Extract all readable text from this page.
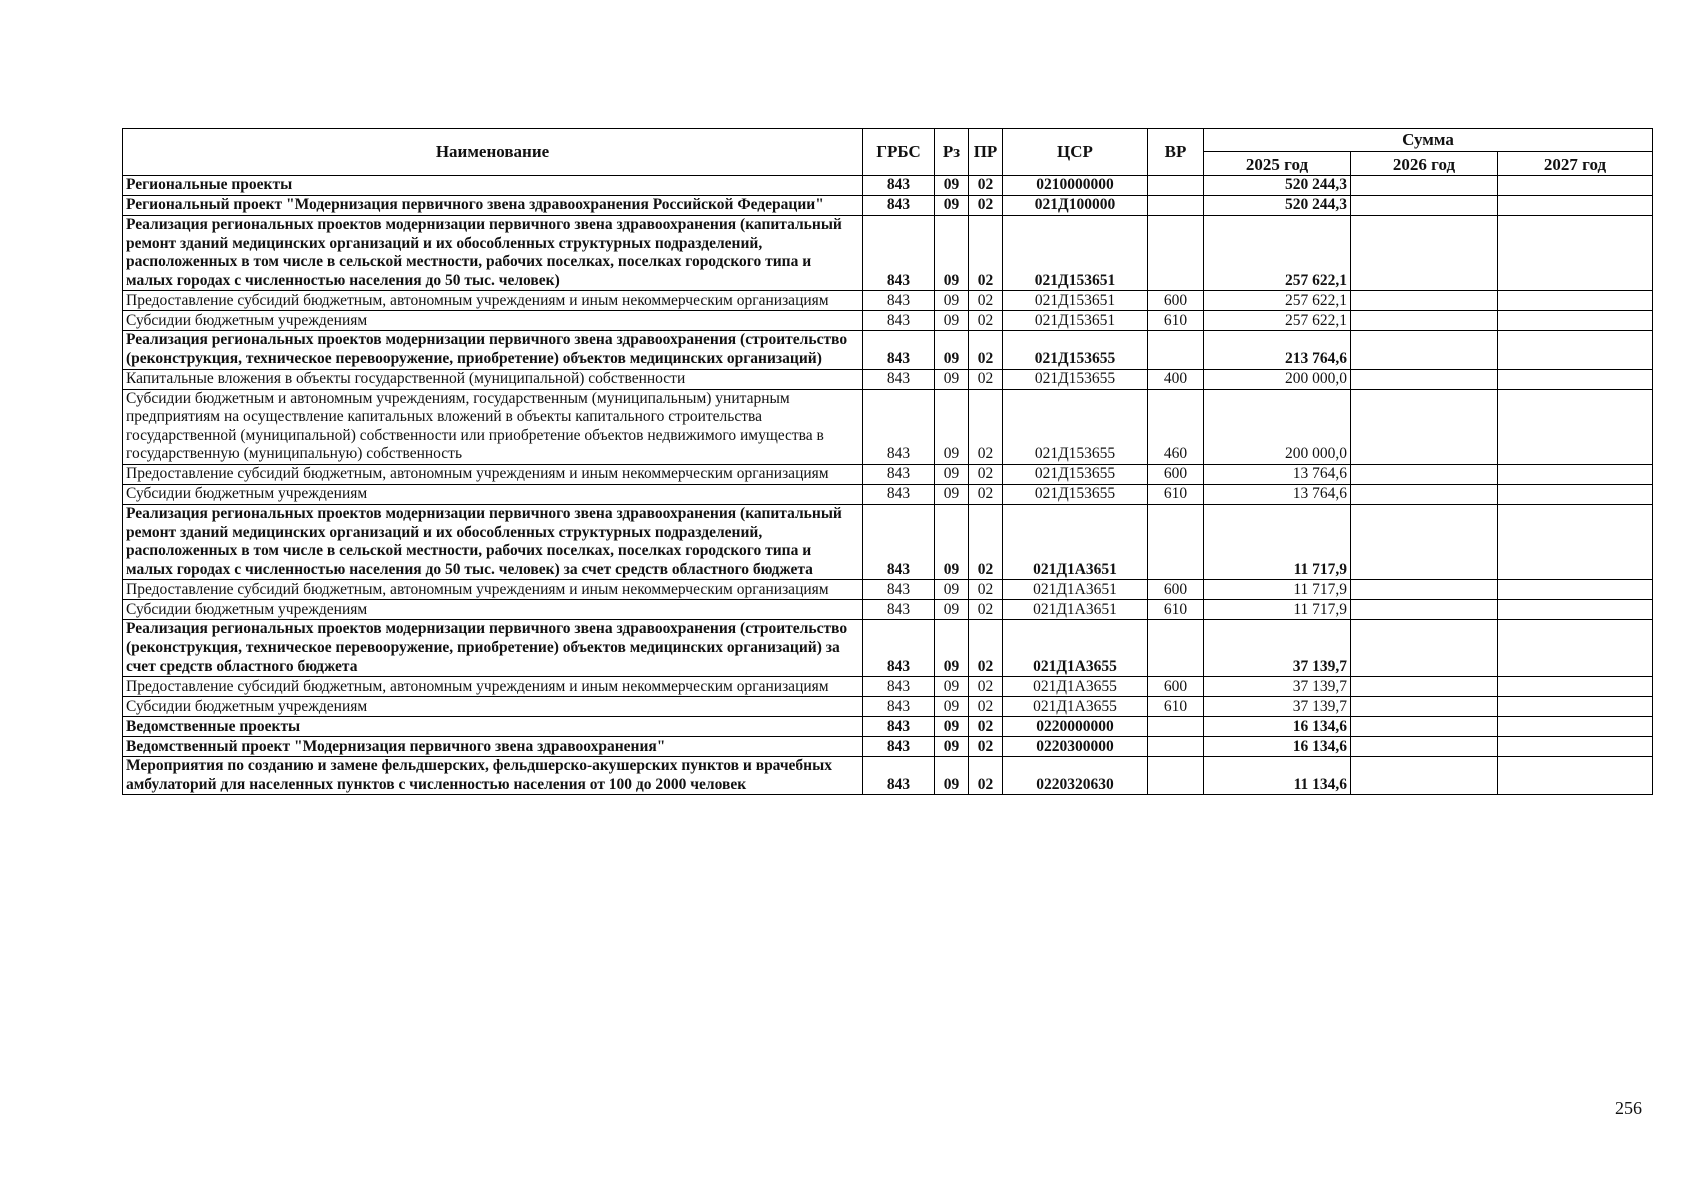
Наименование	ГРБС	Рз	ПР	ЦСР	ВР	Сумма		
						2025 год	2026 год	2027 год
Региональные проекты	843	09	02	0210000000		520 244,3		
Региональный проект "Модернизация первичного звена здравоохранения Российской Федерации"	843	09	02	021Д100000		520 244,3		
Реализация региональных проектов модернизации первичного звена здравоохранения (капитальный ремонт зданий медицинских организаций и их обособленных структурных подразделений, расположенных в том числе в сельской местности, рабочих поселках, поселках городского типа и малых городах с численностью населения до 50 тыс. человек)	843	09	02	021Д153651		257 622,1		
Предоставление субсидий бюджетным, автономным учреждениям и иным некоммерческим организациям	843	09	02	021Д153651	600	257 622,1		
Субсидии бюджетным учреждениям	843	09	02	021Д153651	610	257 622,1		
Реализация региональных проектов модернизации первичного звена здравоохранения (строительство (реконструкция, техническое перевооружение, приобретение) объектов медицинских организаций)	843	09	02	021Д153655		213 764,6		
Капитальные вложения в объекты государственной (муниципальной) собственности	843	09	02	021Д153655	400	200 000,0		
Субсидии бюджетным и автономным учреждениям, государственным (муниципальным) унитарным предприятиям на осуществление капитальных вложений в объекты капитального строительства государственной (муниципальной) собственности или приобретение объектов недвижимого имущества в государственную (муниципальную) собственность	843	09	02	021Д153655	460	200 000,0		
Предоставление субсидий бюджетным, автономным учреждениям и иным некоммерческим организациям	843	09	02	021Д153655	600	13 764,6		
Субсидии бюджетным учреждениям	843	09	02	021Д153655	610	13 764,6		
Реализация региональных проектов модернизации первичного звена здравоохранения (капитальный ремонт зданий медицинских организаций и их обособленных структурных подразделений, расположенных в том числе в сельской местности, рабочих поселках, поселках городского типа и малых городах с численностью населения до 50 тыс. человек) за счет средств областного бюджета	843	09	02	021Д1А3651		11 717,9		
Предоставление субсидий бюджетным, автономным учреждениям и иным некоммерческим организациям	843	09	02	021Д1А3651	600	11 717,9		
Субсидии бюджетным учреждениям	843	09	02	021Д1А3651	610	11 717,9		
Реализация региональных проектов модернизации первичного звена здравоохранения (строительство (реконструкция, техническое перевооружение, приобретение) объектов медицинских организаций) за счет средств областного бюджета	843	09	02	021Д1А3655		37 139,7		
Предоставление субсидий бюджетным, автономным учреждениям и иным некоммерческим организациям	843	09	02	021Д1А3655	600	37 139,7		
Субсидии бюджетным учреждениям	843	09	02	021Д1А3655	610	37 139,7		
Ведомственные проекты	843	09	02	0220000000		16 134,6		
Ведомственный проект "Модернизация первичного звена здравоохранения"	843	09	02	0220300000		16 134,6		
Мероприятия по созданию и замене фельдшерских, фельдшерско-акушерских пунктов и врачебных амбулаторий для населенных пунктов с численностью населения от 100 до 2000 человек	843	09	02	0220320630		11 134,6		
256
